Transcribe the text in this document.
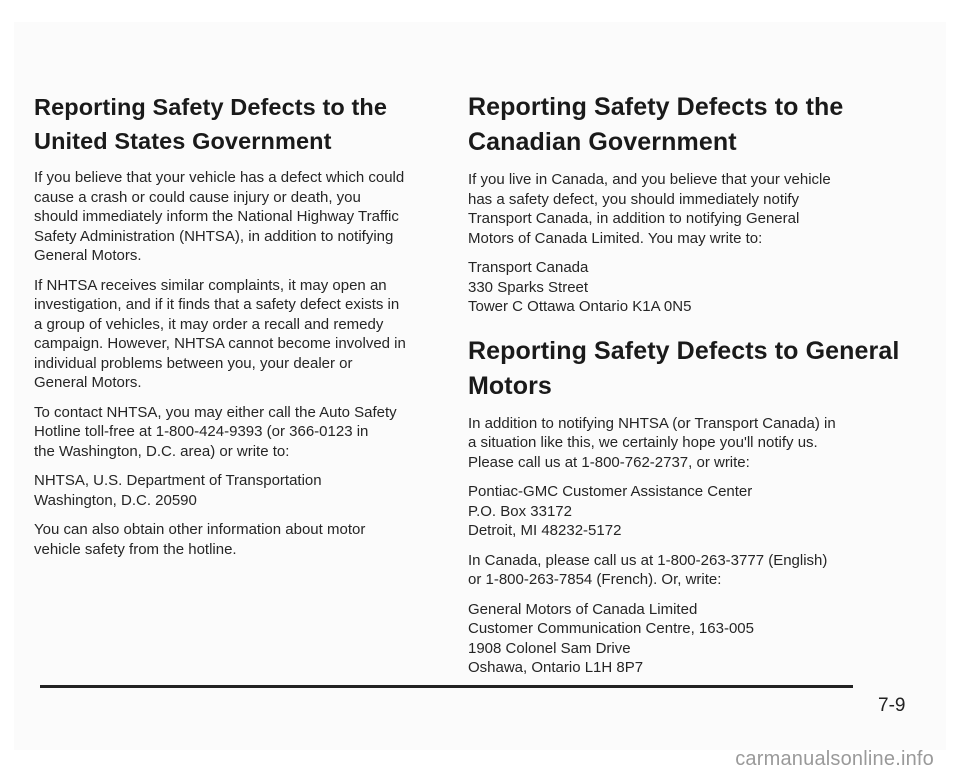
Reporting Safety Defects to the
United States Government

If you believe that your vehicle has a defect which could
cause a crash or could cause injury or death, you
should immediately inform the National Highway Traffic
Safety Administration (NHTSA), in addition to notifying
General Motors.

If NHTSA receives similar complaints, it may open an
investigation, and if it finds that a safety defect exists in
a group of vehicles, it may order a recall and remedy
campaign. However, NHTSA cannot become involved in
individual problems between you, your dealer or
General Motors.

To contact NHTSA, you may either call the Auto Safety
Hotline toll-free at 1-800-424-9393 (or 366-0123 in
the Washington, D.C. area) or write to:

NHTSA, U.S. Department of Transportation
Washington, D.C. 20590

You can also obtain other information about motor
vehicle safety from the hotline.

Reporting Safety Defects to the
Canadian Government

If you live in Canada, and you believe that your vehicle
has a safety defect, you should immediately notify
Transport Canada, in addition to notifying General
Motors of Canada Limited. You may write to:

Transport Canada
330 Sparks Street
Tower C Ottawa Ontario K1A 0N5

Reporting Safety Defects to General
Motors

In addition to notifying NHTSA (or Transport Canada) in
a situation like this, we certainly hope you'll notify us.
Please call us at 1-800-762-2737, or write:

Pontiac-GMC Customer Assistance Center
P.O. Box 33172
Detroit, MI 48232-5172

In Canada, please call us at 1-800-263-3777 (English)
or 1-800-263-7854 (French). Or, write:

General Motors of Canada Limited
Customer Communication Centre, 163-005
1908 Colonel Sam Drive
Oshawa, Ontario L1H 8P7

7-9
carmanualsonline.info
